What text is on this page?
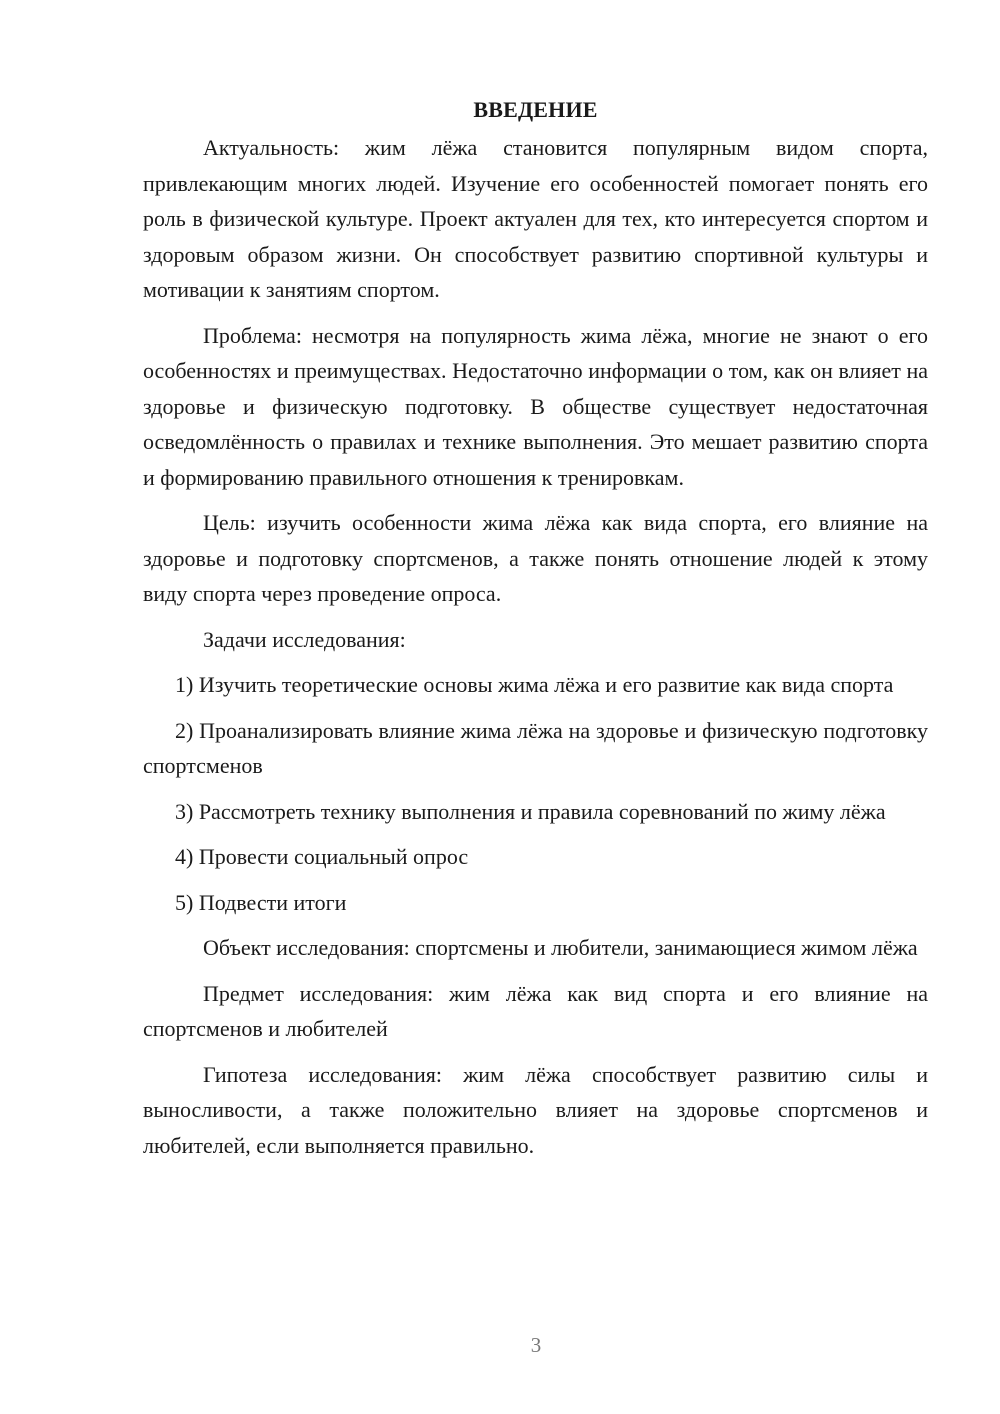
ВВЕДЕНИЕ

Актуальность: жим лёжа становится популярным видом спорта, привлекающим многих людей. Изучение его особенностей помогает понять его роль в физической культуре. Проект актуален для тех, кто интересуется спортом и здоровым образом жизни. Он способствует развитию спортивной культуры и мотивации к занятиям спортом.

Проблема: несмотря на популярность жима лёжа, многие не знают о его особенностях и преимуществах. Недостаточно информации о том, как он влияет на здоровье и физическую подготовку. В обществе существует недостаточная осведомлённость о правилах и технике выполнения. Это мешает развитию спорта и формированию правильного отношения к тренировкам.

Цель: изучить особенности жима лёжа как вида спорта, его влияние на здоровье и подготовку спортсменов, а также понять отношение людей к этому виду спорта через проведение опроса.

Задачи исследования:

1) Изучить теоретические основы жима лёжа и его развитие как вида спорта

2) Проанализировать влияние жима лёжа на здоровье и физическую подготовку спортсменов

3) Рассмотреть технику выполнения и правила соревнований по жиму лёжа

4) Провести социальный опрос

5) Подвести итоги

Объект исследования: спортсмены и любители, занимающиеся жимом лёжа

Предмет исследования: жим лёжа как вид спорта и его влияние на спортсменов и любителей

Гипотеза исследования: жим лёжа способствует развитию силы и выносливости, а также положительно влияет на здоровье спортсменов и любителей, если выполняется правильно.

3
